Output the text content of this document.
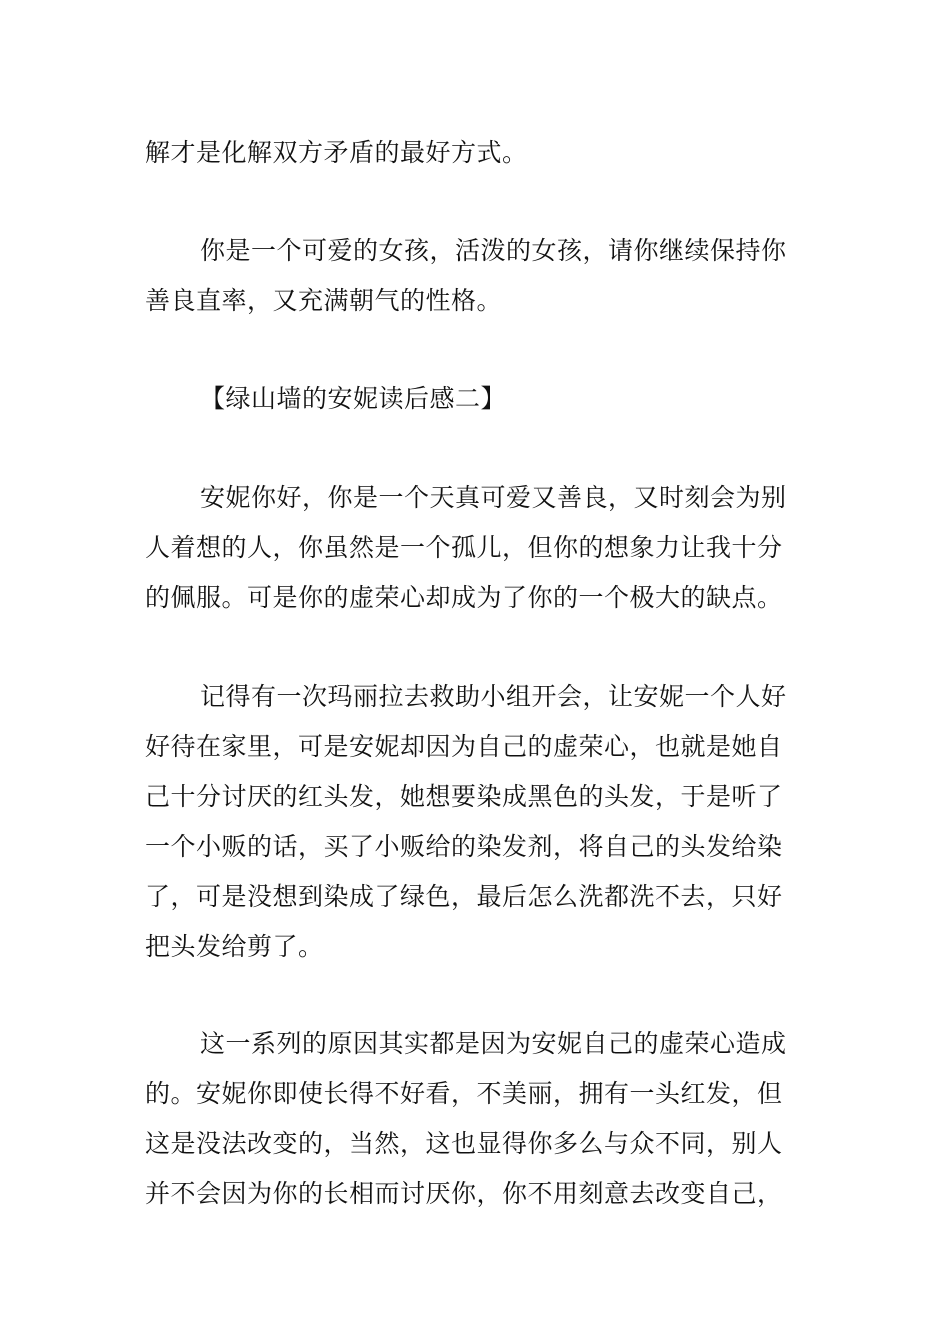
解才是化解双方矛盾的最好方式。

你是一个可爱的女孩，活泼的女孩，请你继续保持你
善良直率，又充满朝气的性格。

【绿山墙的安妮读后感二】

安妮你好，你是一个天真可爱又善良，又时刻会为别
人着想的人，你虽然是一个孤儿，但你的想象力让我十分
的佩服。可是你的虚荣心却成为了你的一个极大的缺点。

记得有一次玛丽拉去救助小组开会，让安妮一个人好
好待在家里，可是安妮却因为自己的虚荣心，也就是她自
己十分讨厌的红头发，她想要染成黑色的头发，于是听了
一个小贩的话，买了小贩给的染发剂，将自己的头发给染
了，可是没想到染成了绿色，最后怎么洗都洗不去，只好
把头发给剪了。

这一系列的原因其实都是因为安妮自己的虚荣心造成
的。安妮你即使长得不好看，不美丽，拥有一头红发，但
这是没法改变的，当然，这也显得你多么与众不同，别人
并不会因为你的长相而讨厌你，你不用刻意去改变自己，
